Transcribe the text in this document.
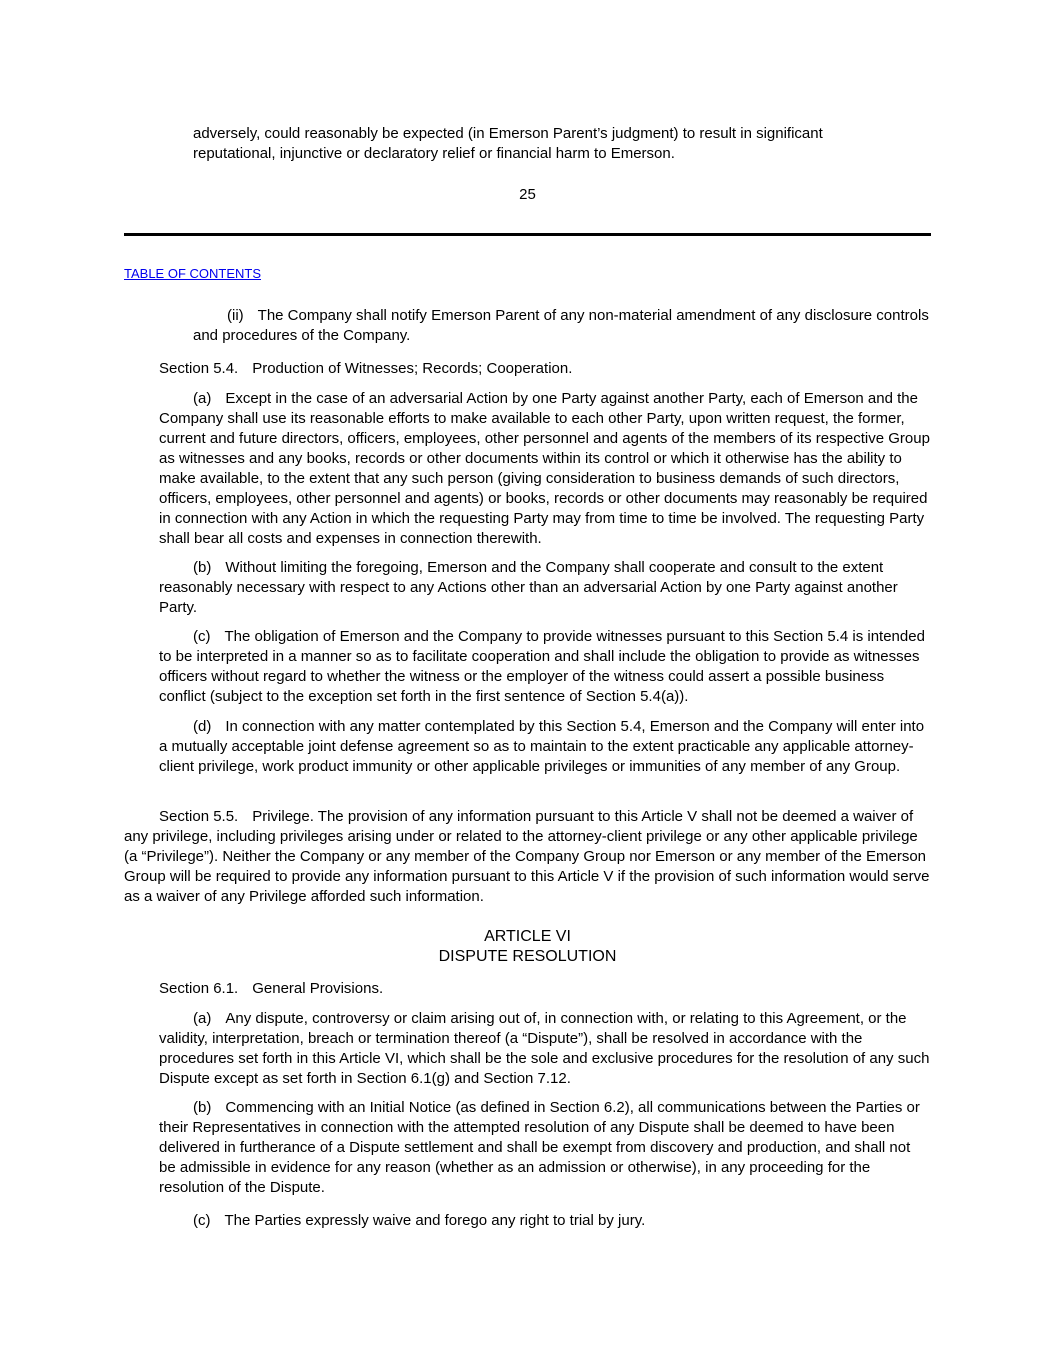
adversely, could reasonably be expected (in Emerson Parent’s judgment) to result in significant reputational, injunctive or declaratory relief or financial harm to Emerson.

25

TABLE OF CONTENTS

(ii) The Company shall notify Emerson Parent of any non-material amendment of any disclosure controls and procedures of the Company.

Section 5.4. Production of Witnesses; Records; Cooperation.

(a) Except in the case of an adversarial Action by one Party against another Party, each of Emerson and the Company shall use its reasonable efforts to make available to each other Party, upon written request, the former, current and future directors, officers, employees, other personnel and agents of the members of its respective Group as witnesses and any books, records or other documents within its control or which it otherwise has the ability to make available, to the extent that any such person (giving consideration to business demands of such directors, officers, employees, other personnel and agents) or books, records or other documents may reasonably be required in connection with any Action in which the requesting Party may from time to time be involved. The requesting Party shall bear all costs and expenses in connection therewith.

(b) Without limiting the foregoing, Emerson and the Company shall cooperate and consult to the extent reasonably necessary with respect to any Actions other than an adversarial Action by one Party against another Party.

(c) The obligation of Emerson and the Company to provide witnesses pursuant to this Section 5.4 is intended to be interpreted in a manner so as to facilitate cooperation and shall include the obligation to provide as witnesses officers without regard to whether the witness or the employer of the witness could assert a possible business conflict (subject to the exception set forth in the first sentence of Section 5.4(a)).

(d) In connection with any matter contemplated by this Section 5.4, Emerson and the Company will enter into a mutually acceptable joint defense agreement so as to maintain to the extent practicable any applicable attorney-client privilege, work product immunity or other applicable privileges or immunities of any member of any Group.

Section 5.5. Privilege. The provision of any information pursuant to this Article V shall not be deemed a waiver of any privilege, including privileges arising under or related to the attorney-client privilege or any other applicable privilege (a “Privilege”). Neither the Company or any member of the Company Group nor Emerson or any member of the Emerson Group will be required to provide any information pursuant to this Article V if the provision of such information would serve as a waiver of any Privilege afforded such information.

ARTICLE VI

DISPUTE RESOLUTION

Section 6.1. General Provisions.

(a) Any dispute, controversy or claim arising out of, in connection with, or relating to this Agreement, or the validity, interpretation, breach or termination thereof (a “Dispute”), shall be resolved in accordance with the procedures set forth in this Article VI, which shall be the sole and exclusive procedures for the resolution of any such Dispute except as set forth in Section 6.1(g) and Section 7.12.

(b) Commencing with an Initial Notice (as defined in Section 6.2), all communications between the Parties or their Representatives in connection with the attempted resolution of any Dispute shall be deemed to have been delivered in furtherance of a Dispute settlement and shall be exempt from discovery and production, and shall not be admissible in evidence for any reason (whether as an admission or otherwise), in any proceeding for the resolution of the Dispute.

(c) The Parties expressly waive and forego any right to trial by jury.
